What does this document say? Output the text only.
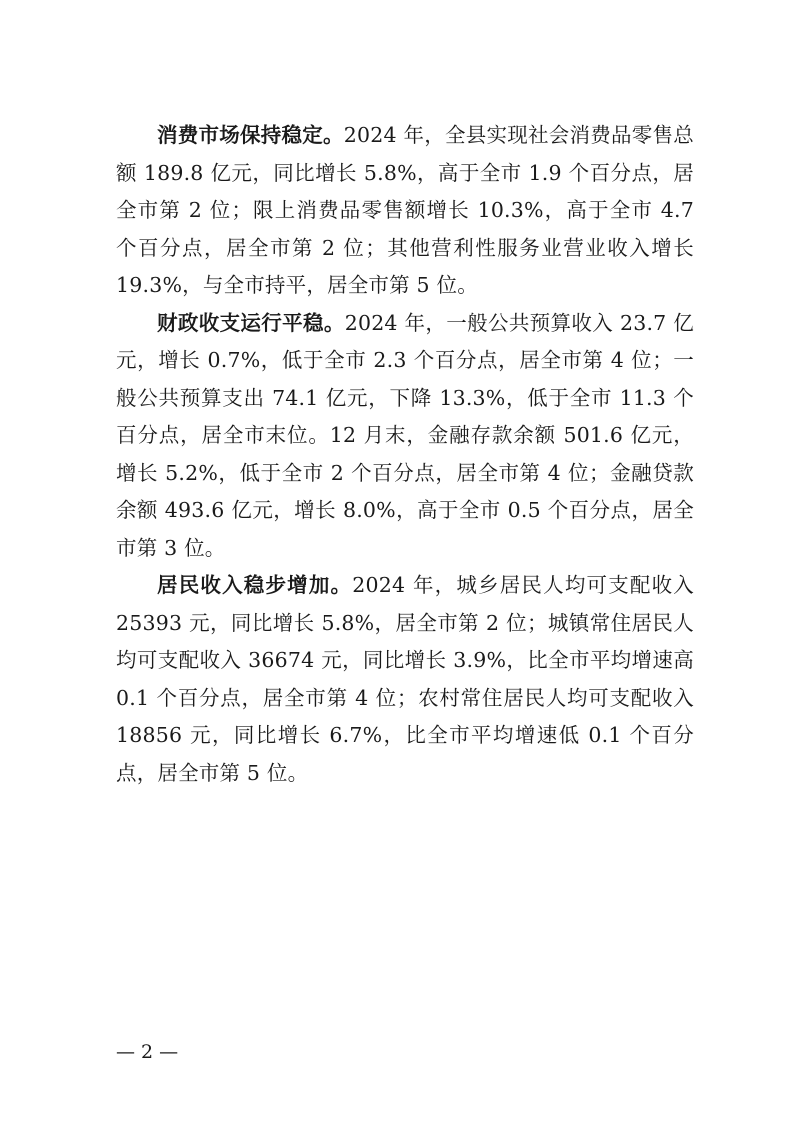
消费市场保持稳定。2024 年，全县实现社会消费品零售总额 189.8 亿元，同比增长 5.8%，高于全市 1.9 个百分点，居全市第 2 位；限上消费品零售额增长 10.3%，高于全市 4.7 个百分点，居全市第 2 位；其他营利性服务业营业收入增长 19.3%，与全市持平，居全市第 5 位。

财政收支运行平稳。2024 年，一般公共预算收入 23.7 亿元，增长 0.7%，低于全市 2.3 个百分点，居全市第 4 位；一般公共预算支出 74.1 亿元，下降 13.3%，低于全市 11.3 个百分点，居全市末位。12 月末，金融存款余额 501.6 亿元，增长 5.2%，低于全市 2 个百分点，居全市第 4 位；金融贷款余额 493.6 亿元，增长 8.0%，高于全市 0.5 个百分点，居全市第 3 位。

居民收入稳步增加。2024 年，城乡居民人均可支配收入 25393 元，同比增长 5.8%，居全市第 2 位；城镇常住居民人均可支配收入 36674 元，同比增长 3.9%，比全市平均增速高 0.1 个百分点，居全市第 4 位；农村常住居民人均可支配收入 18856 元，同比增长 6.7%，比全市平均增速低 0.1 个百分点，居全市第 5 位。

— 2 —
